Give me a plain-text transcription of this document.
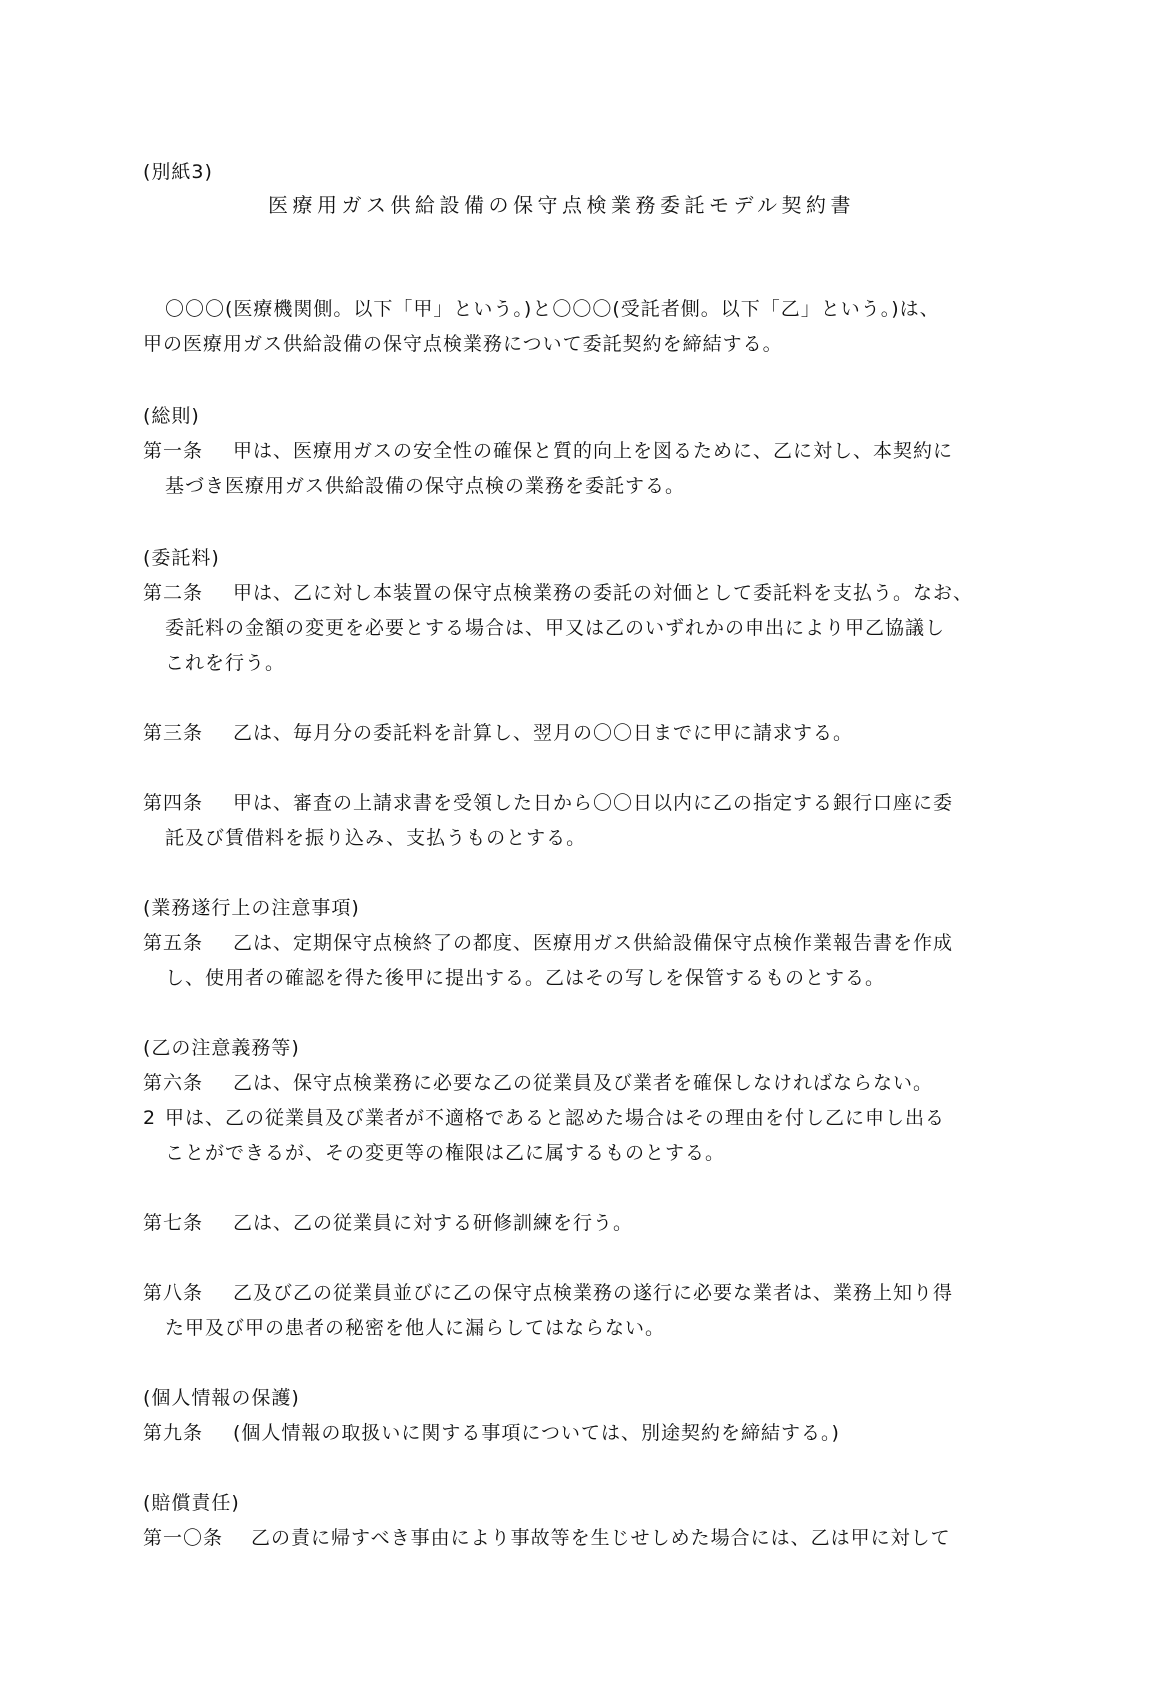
(別紙3)
医療用ガス供給設備の保守点検業務委託モデル契約書
〇〇〇(医療機関側。以下「甲」という。)と〇〇〇(受託者側。以下「乙」という。)は、
甲の医療用ガス供給設備の保守点検業務について委託契約を締結する。
(総則)
第一条 甲は、医療用ガスの安全性の確保と質的向上を図るために、乙に対し、本契約に
基づき医療用ガス供給設備の保守点検の業務を委託する。
(委託料)
第二条 甲は、乙に対し本装置の保守点検業務の委託の対価として委託料を支払う。なお、
委託料の金額の変更を必要とする場合は、甲又は乙のいずれかの申出により甲乙協議し
これを行う。
第三条 乙は、毎月分の委託料を計算し、翌月の〇〇日までに甲に請求する。
第四条 甲は、審査の上請求書を受領した日から〇〇日以内に乙の指定する銀行口座に委
託及び賃借料を振り込み、支払うものとする。
(業務遂行上の注意事項)
第五条 乙は、定期保守点検終了の都度、医療用ガス供給設備保守点検作業報告書を作成
し、使用者の確認を得た後甲に提出する。乙はその写しを保管するものとする。
(乙の注意義務等)
第六条 乙は、保守点検業務に必要な乙の従業員及び業者を確保しなければならない。
2 甲は、乙の従業員及び業者が不適格であると認めた場合はその理由を付し乙に申し出る
ことができるが、その変更等の権限は乙に属するものとする。
第七条 乙は、乙の従業員に対する研修訓練を行う。
第八条 乙及び乙の従業員並びに乙の保守点検業務の遂行に必要な業者は、業務上知り得
た甲及び甲の患者の秘密を他人に漏らしてはならない。
(個人情報の保護)
第九条 (個人情報の取扱いに関する事項については、別途契約を締結する。)
(賠償責任)
第一〇条 乙の責に帰すべき事由により事故等を生じせしめた場合には、乙は甲に対して
